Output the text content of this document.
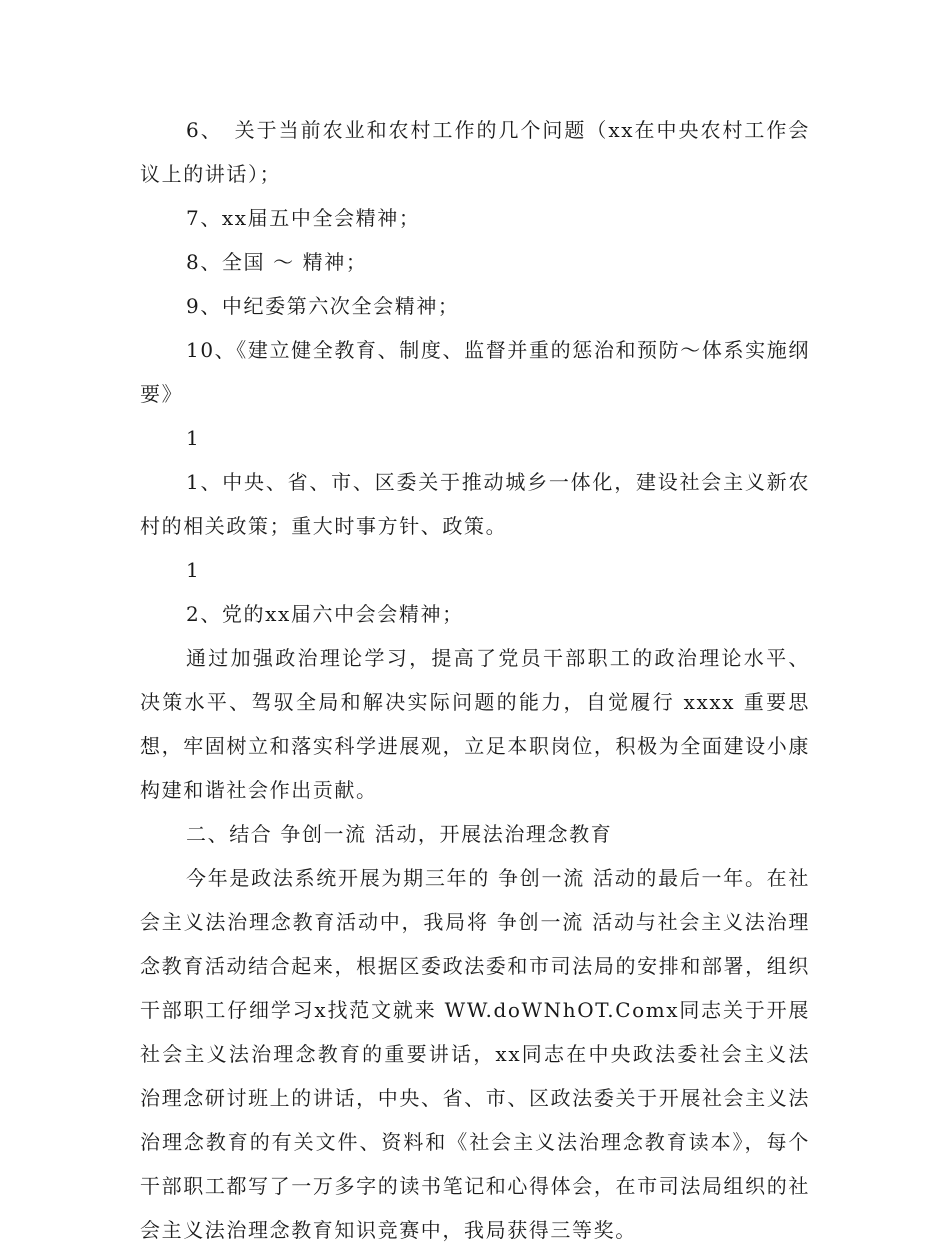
6、　关于当前农业和农村工作的几个问题（xx在中央农村工作会议上的讲话）；

7、xx届五中全会精神；

8、全国 ～ 精神；

9、中纪委第六次全会精神；

10、《建立健全教育、制度、监督并重的惩治和预防～体系实施纲要》

1

1、中央、省、市、区委关于推动城乡一体化，建设社会主义新农村的相关政策；重大时事方针、政策。

1

2、党的xx届六中会会精神；

通过加强政治理论学习，提高了党员干部职工的政治理论水平、决策水平、驾驭全局和解决实际问题的能力，自觉履行 xxxx 重要思想，牢固树立和落实科学进展观，立足本职岗位，积极为全面建设小康构建和谐社会作出贡献。

二、结合 争创一流 活动，开展法治理念教育

今年是政法系统开展为期三年的 争创一流 活动的最后一年。在社会主义法治理念教育活动中，我局将 争创一流 活动与社会主义法治理念教育活动结合起来，根据区委政法委和市司法局的安排和部署，组织干部职工仔细学习x找范文就来 WW.doWNhOT.Comx同志关于开展社会主义法治理念教育的重要讲话，xx同志在中央政法委社会主义法治理念研讨班上的讲话，中央、省、市、区政法委关于开展社会主义法治理念教育的有关文件、资料和《社会主义法治理念教育读本》，每个干部职工都写了一万多字的读书笔记和心得体会，在市司法局组织的社会主义法治理念教育知识竞赛中，我局获得三等奖。
